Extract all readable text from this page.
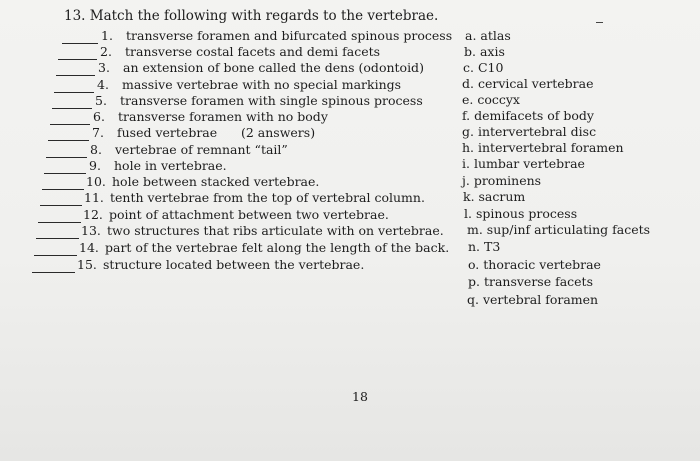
13. Match the following with regards to the vertebrae.
1. transverse foramen and bifurcated spinous process
2. transverse costal facets and demi facets
3. an extension of bone called the dens (odontoid)
4. massive vertebrae with no special markings
5. transverse foramen with single spinous process
6. transverse foramen with no body
7. fused vertebrae      (2 answers)
8. vertebrae of remnant “tail”
9. hole in vertebrae.
10. hole between stacked vertebrae.
11. tenth vertebrae from the top of vertebral column.
12. point of attachment between two vertebrae.
13. two structures that ribs articulate with on vertebrae.
14. part of the vertebrae felt along the length of the back.
15. structure located between the vertebrae.
a. atlas
b. axis
c. C10
d. cervical vertebrae
e. coccyx
f. demifacets of body
g. intervertebral disc
h. intervertebral foramen
i. lumbar vertebrae
j. prominens
k. sacrum
l. spinous process
m. sup/inf articulating facets
n. T3
o. thoracic vertebrae
p. transverse facets
q. vertebral foramen
18
